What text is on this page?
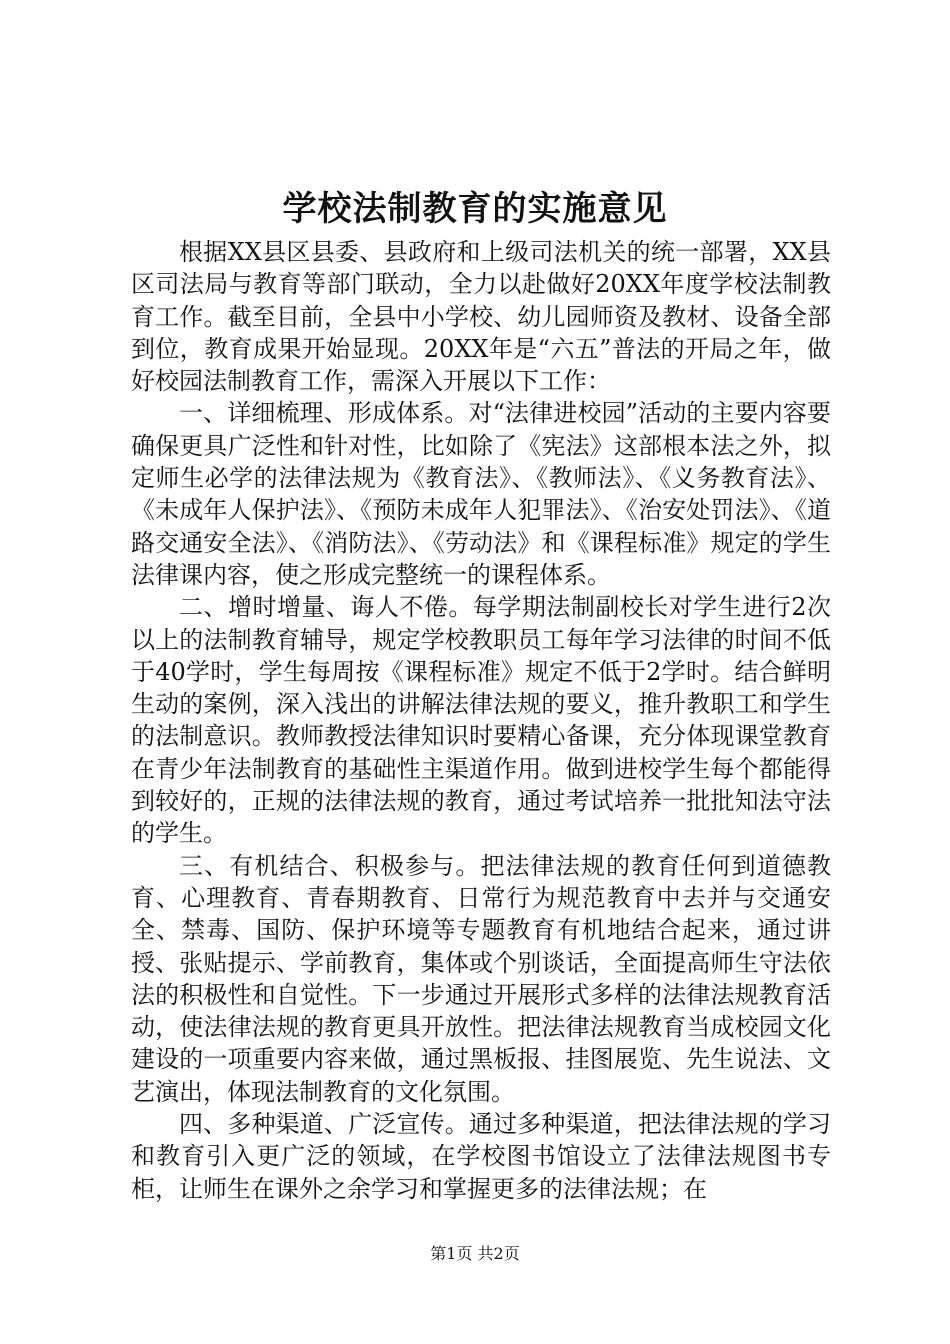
学校法制教育的实施意见

根据XX县区县委、县政府和上级司法机关的统一部署，XX县区司法局与教育等部门联动，全力以赴做好20XX年度学校法制教育工作。截至目前，全县中小学校、幼儿园师资及教材、设备全部到位，教育成果开始显现。20XX年是“六五”普法的开局之年，做好校园法制教育工作，需深入开展以下工作：

一、详细梳理、形成体系。对“法律进校园”活动的主要内容要确保更具广泛性和针对性，比如除了《宪法》这部根本法之外，拟定师生必学的法律法规为《教育法》、《教师法》、《义务教育法》、《未成年人保护法》、《预防未成年人犯罪法》、《治安处罚法》、《道路交通安全法》、《消防法》、《劳动法》和《课程标准》规定的学生法律课内容，使之形成完整统一的课程体系。

二、增时增量、诲人不倦。每学期法制副校长对学生进行2次以上的法制教育辅导，规定学校教职员工每年学习法律的时间不低于40学时，学生每周按《课程标准》规定不低于2学时。结合鲜明生动的案例，深入浅出的讲解法律法规的要义，推升教职工和学生的法制意识。教师教授法律知识时要精心备课，充分体现课堂教育在青少年法制教育的基础性主渠道作用。做到进校学生每个都能得到较好的，正规的法律法规的教育，通过考试培养一批批知法守法的学生。

三、有机结合、积极参与。把法律法规的教育任何到道德教育、心理教育、青春期教育、日常行为规范教育中去并与交通安全、禁毒、国防、保护环境等专题教育有机地结合起来，通过讲授、张贴提示、学前教育，集体或个别谈话，全面提高师生守法依法的积极性和自觉性。下一步通过开展形式多样的法律法规教育活动，使法律法规的教育更具开放性。把法律法规教育当成校园文化建设的一项重要内容来做，通过黑板报、挂图展览、先生说法、文艺演出，体现法制教育的文化氛围。

四、多种渠道、广泛宣传。通过多种渠道，把法律法规的学习和教育引入更广泛的领域，在学校图书馆设立了法律法规图书专柜，让师生在课外之余学习和掌握更多的法律法规；在

第1页 共2页
